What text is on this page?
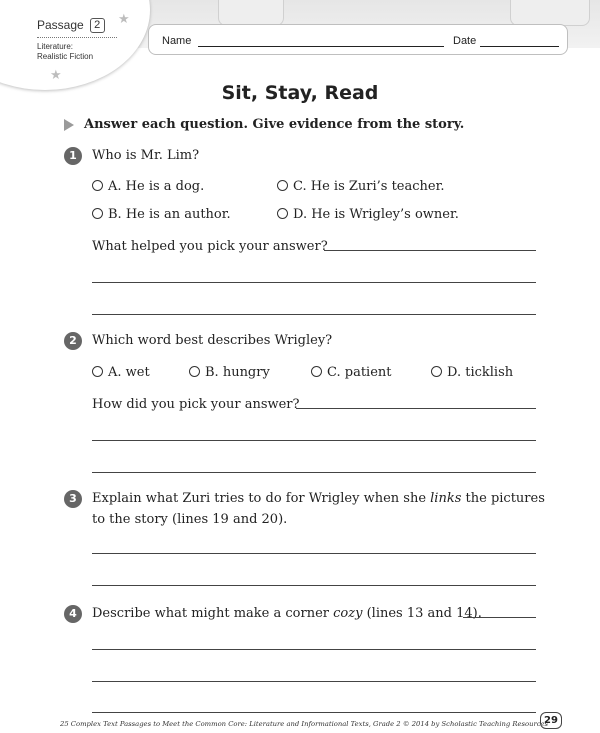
Passage 2	★
Literature:
Realistic Fiction
★
Name	Date
Sit, Stay, Read
Answer each question. Give evidence from the story.
1	Who is Mr. Lim?
A. He is a dog.	C. He is Zuri’s teacher.
B. He is an author.	D. He is Wrigley’s owner.
What helped you pick your answer?
2	Which word best describes Wrigley?
A. wet	B. hungry	C. patient	D. ticklish
How did you pick your answer?
3	Explain what Zuri tries to do for Wrigley when she links the pictures
to the story (lines 19 and 20).
4	Describe what might make a corner cozy (lines 13 and 14).
25 Complex Text Passages to Meet the Common Core: Literature and Informational Texts, Grade 2 © 2014 by Scholastic Teaching Resources
29
